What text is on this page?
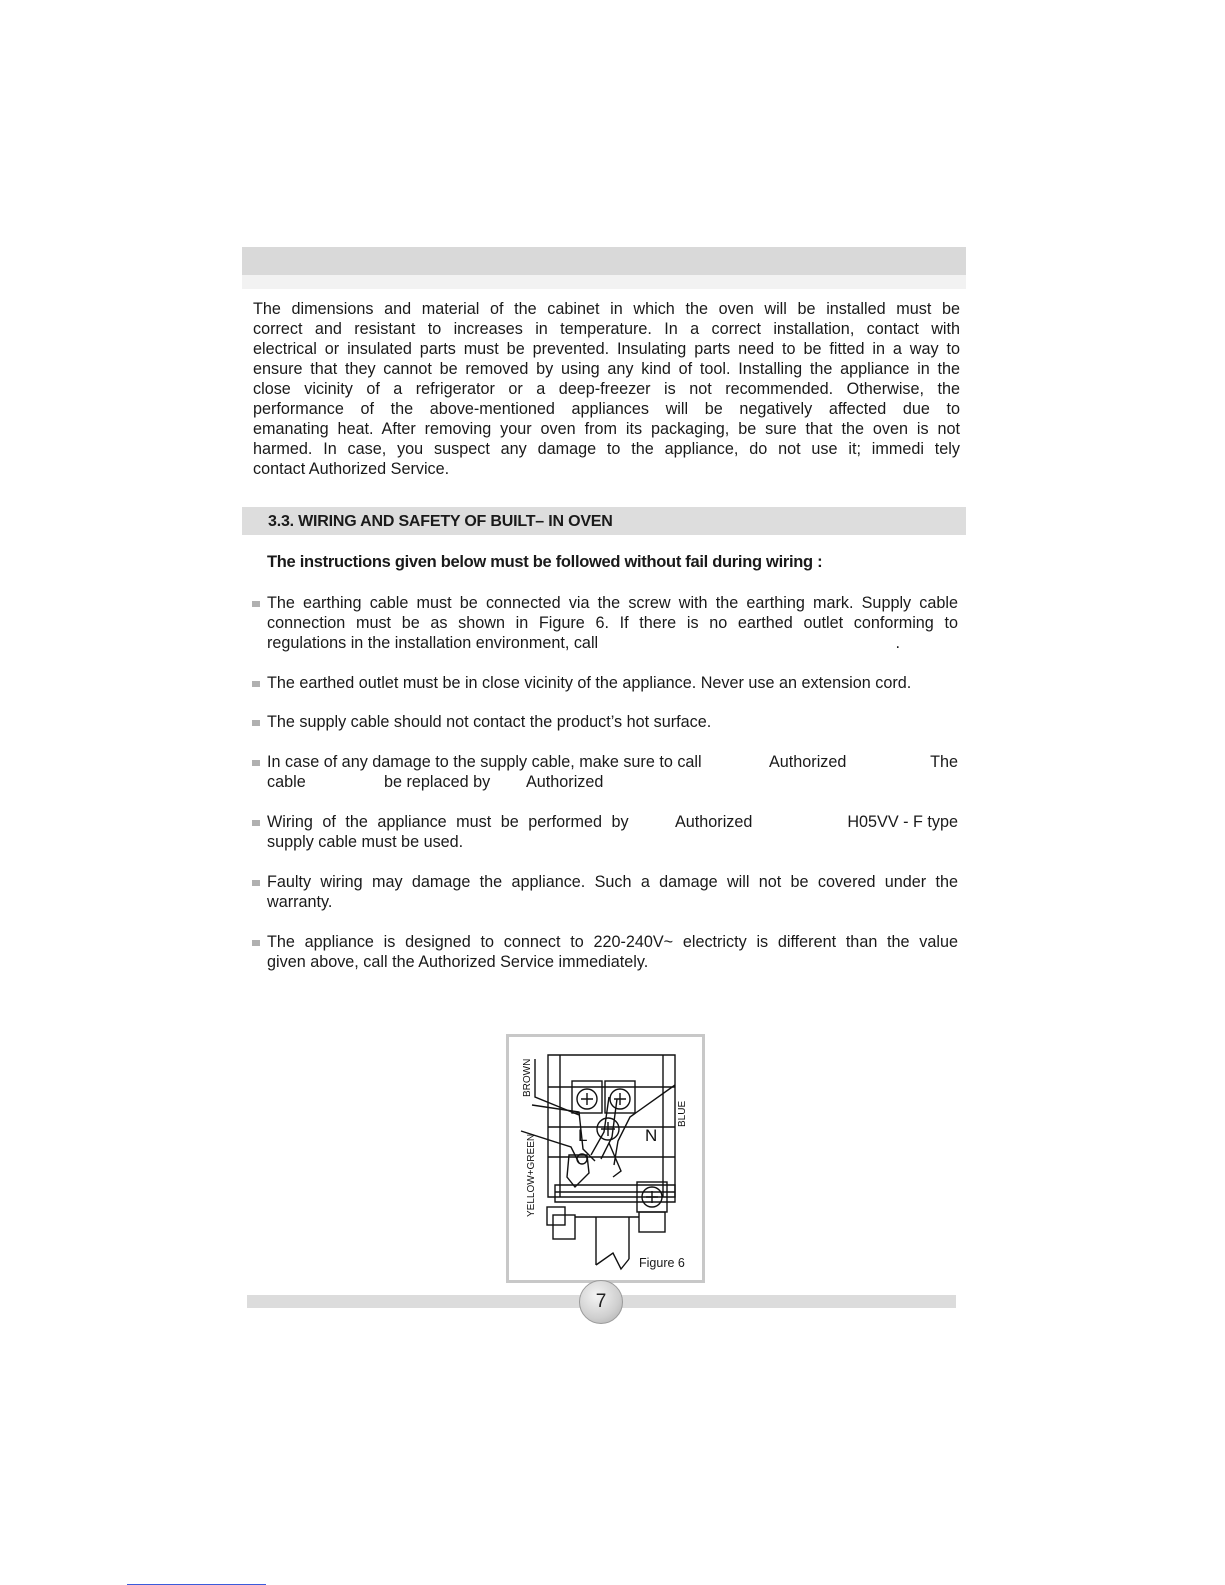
The dimensions and material of the cabinet in which the oven will be installed must be

correct and resistant to increases in temperature. In a correct installation, contact with

electrical or insulated parts must be prevented. Insulating parts need to be fitted in a way to

ensure that they cannot be removed by using any kind of tool. Installing the appliance in the

close vicinity of a refrigerator or a deep-freezer is not recommended. Otherwise, the

performance of the above-mentioned appliances will be negatively affected due to

emanating heat. After removing your oven from its packaging, be sure that the oven is not

harmed. In case, you suspect any damage to the appliance, do not use it; immedi tely

contact Authorized Service.

3.3. WIRING AND SAFETY OF BUILT– IN OVEN
The instructions given below must be followed without fail during wiring :
The earthing cable must be connected via the screw with the earthing mark. Supply cable
connection must be as shown in Figure 6. If there is no earthed outlet conforming to
regulations in the installation environment, call	.
The earthed outlet must be in close vicinity of the appliance. Never use an extension cord.
The supply cable should not contact the product’s hot surface.
In case of any damage to the supply cable, make sure to call	Authorized	The
cable	be replaced by Authorized
Wiring of the appliance must be performed by	Authorized	H05VV - F type
supply cable must be used.
Faulty wiring may damage the appliance. Such a damage will not be covered under the
warranty.
The appliance is designed to connect to 220-240V~ electricty is different than the value
given above, call the Authorized Service immediately.
L	N
BROWN
BLUE
YELLOW+GREEN
Figure 6
7
